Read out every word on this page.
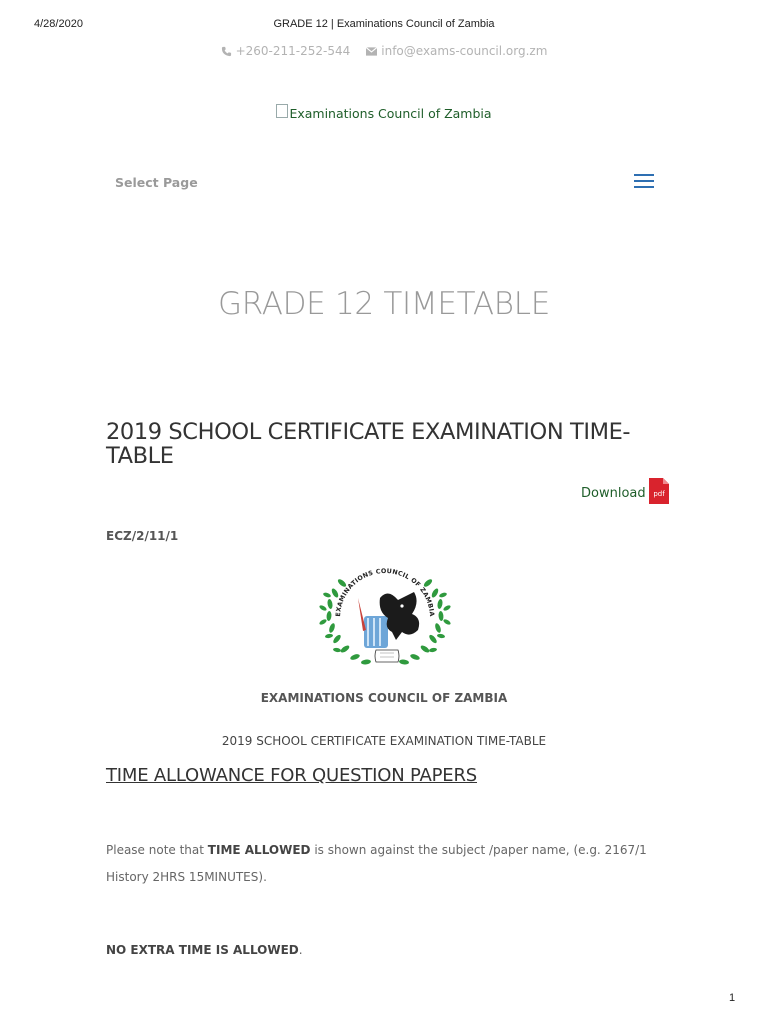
4/28/2020	GRADE 12 | Examinations Council of Zambia
+260-211-252-544	info@exams-council.org.zm
Examinations Council of Zambia
Select Page
GRADE 12 TIMETABLE
2019 SCHOOL CERTIFICATE EXAMINATION TIME-TABLE
Download pdf
ECZ/2/11/1
EXAMINATIONS COUNCIL OF ZAMBIA
EXAMINATIONS COUNCIL OF ZAMBIA
2019 SCHOOL CERTIFICATE EXAMINATION TIME-TABLE
TIME ALLOWANCE FOR QUESTION PAPERS
Please note that TIME ALLOWED is shown against the subject /paper name, (e.g. 2167/1 History 2HRS 15MINUTES).
NO EXTRA TIME IS ALLOWED.
1
